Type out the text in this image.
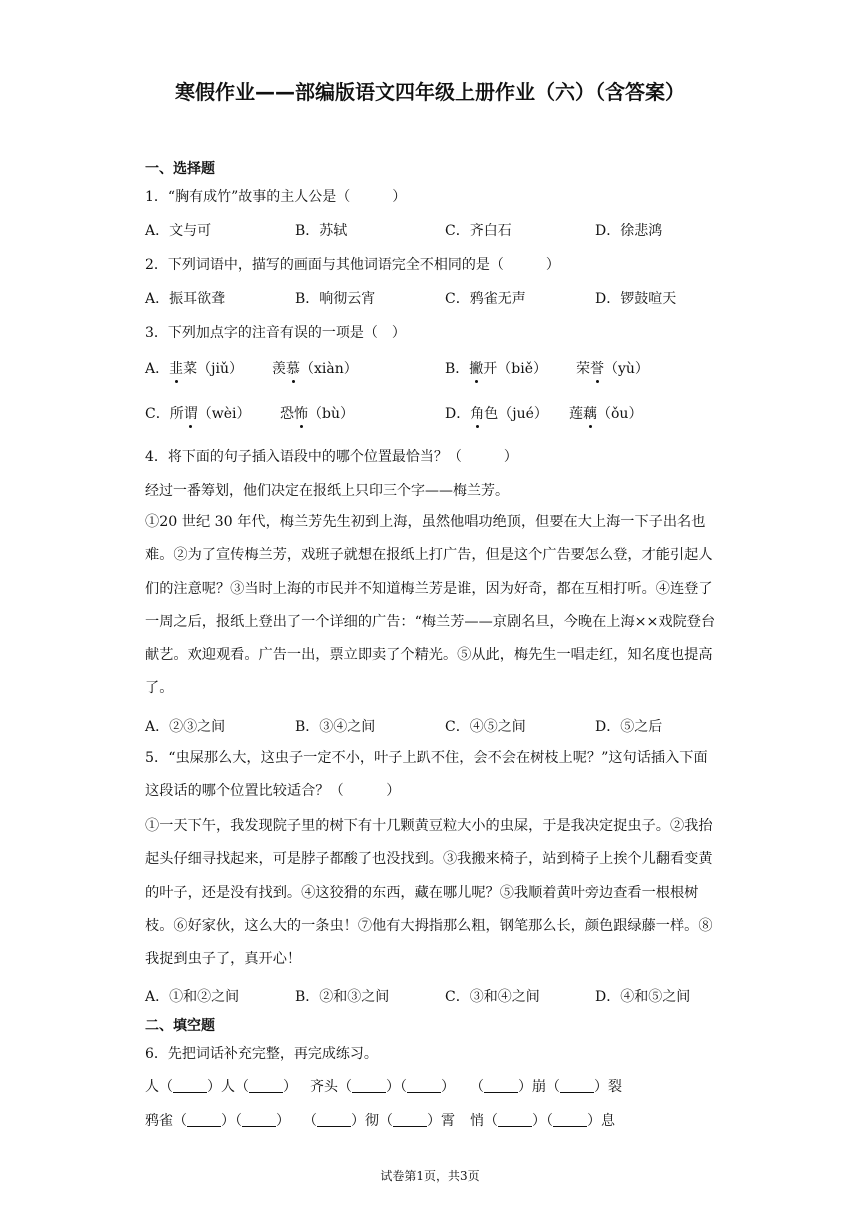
寒假作业——部编版语文四年级上册作业（六）（含答案）
一、选择题
1．“胸有成竹”故事的主人公是（　　　）
A．文与可	B．苏轼	C．齐白石	D．徐悲鸿
2．下列词语中，描写的画面与其他词语完全不相同的是（　　　）
A．振耳欲聋	B．响彻云宵	C．鸦雀无声	D．锣鼓喧天
3．下列加点字的注音有误的一项是（　）
A．韭菜（jiǔ） 羡慕（xiàn）	B．撇开（biě） 荣誉（yù）
C．所谓（wèi） 恐怖（bù）	D．角色（jué） 莲藕（ǒu）
4．将下面的句子插入语段中的哪个位置最恰当？（　　　）
经过一番筹划，他们决定在报纸上只印三个字——梅兰芳。
①20 世纪 30 年代，梅兰芳先生初到上海，虽然他唱功绝顶，但要在大上海一下子出名也难。②为了宣传梅兰芳，戏班子就想在报纸上打广告，但是这个广告要怎么登，才能引起人们的注意呢？③当时上海的市民并不知道梅兰芳是谁，因为好奇，都在互相打听。④连登了一周之后，报纸上登出了一个详细的广告：“梅兰芳——京剧名旦，今晚在上海××戏院登台献艺。欢迎观看。广告一出，票立即卖了个精光。⑤从此，梅先生一唱走红，知名度也提高了。
A．②③之间	B．③④之间	C．④⑤之间	D．⑤之后
5．“虫屎那么大，这虫子一定不小，叶子上趴不住，会不会在树枝上呢？”这句话插入下面这段话的哪个位置比较适合？（　　　）
①一天下午，我发现院子里的树下有十几颗黄豆粒大小的虫屎，于是我决定捉虫子。②我抬起头仔细寻找起来，可是脖子都酸了也没找到。③我搬来椅子，站到椅子上挨个儿翻看变黄的叶子，还是没有找到。④这狡猾的东西，藏在哪儿呢？⑤我顺着黄叶旁边查看一根根树枝。⑥好家伙，这么大的一条虫！⑦他有大拇指那么粗，钢笔那么长，颜色跟绿藤一样。⑧我捉到虫子了，真开心！
A．①和②之间	B．②和③之间	C．③和④之间	D．④和⑤之间
二、填空题
6．先把词话补充完整，再完成练习。
人（ ）人（ ） 齐头（ ）（ ） （ ）崩（ ）裂
鸦雀（ ）（ ） （ ）彻（ ）霄 悄（ ）（ ）息
试卷第1页，共3页
